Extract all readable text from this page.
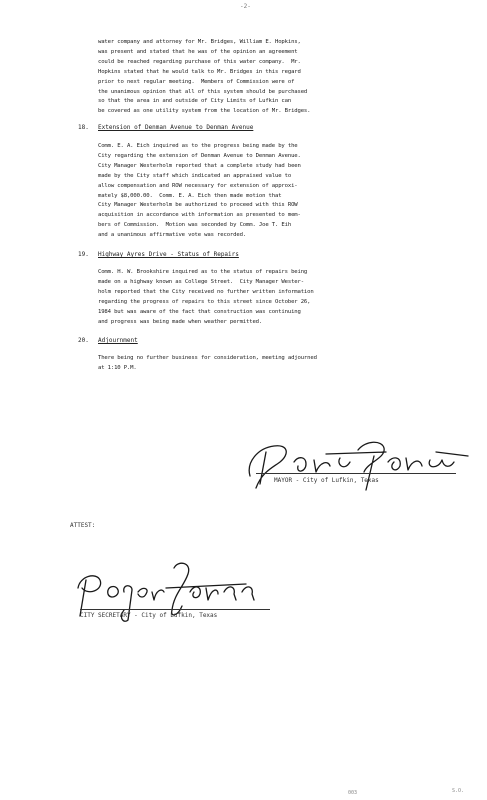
-2-
water company and attorney for Mr. Bridges, William E. Hopkins,
was present and stated that he was of the opinion an agreement
could be reached regarding purchase of this water company.  Mr.
Hopkins stated that he would talk to Mr. Bridges in this regard
prior to next regular meeting.  Members of Commission were of
the unanimous opinion that all of this system should be purchased
so that the area in and outside of City Limits of Lufkin can
be covered as one utility system from the location of Mr. Bridges.
18. Extension of Denman Avenue to Denman Avenue
Comm. E. A. Eich inquired as to the progress being made by the
City regarding the extension of Denman Avenue to Denman Avenue.
City Manager Westerholm reported that a complete study had been
made by the City staff which indicated an appraised value to
allow compensation and ROW necessary for extension of approxi-
mately $8,000.00.  Comm. E. A. Eich then made motion that
City Manager Westerholm be authorized to proceed with this ROW
acquisition in accordance with information as presented to mem-
bers of Commission.  Motion was seconded by Comm. Joe T. Eih
and a unanimous affirmative vote was recorded.
19. Highway Ayres Drive - Status of Repairs
Comm. H. W. Brookshire inquired as to the status of repairs being
made on a highway known as College Street.  City Manager Wester-
holm reported that the City received no further written information
regarding the progress of repairs to this street since October 26,
1984 but was aware of the fact that construction was continuing
and progress was being made when weather permitted.
20. Adjournment
There being no further business for consideration, meeting adjourned
at 1:10 P.M.
MAYOR - City of Lufkin, Texas
ATTEST:
CITY SECRETARY - City of Lufkin, Texas
003	S.O.
